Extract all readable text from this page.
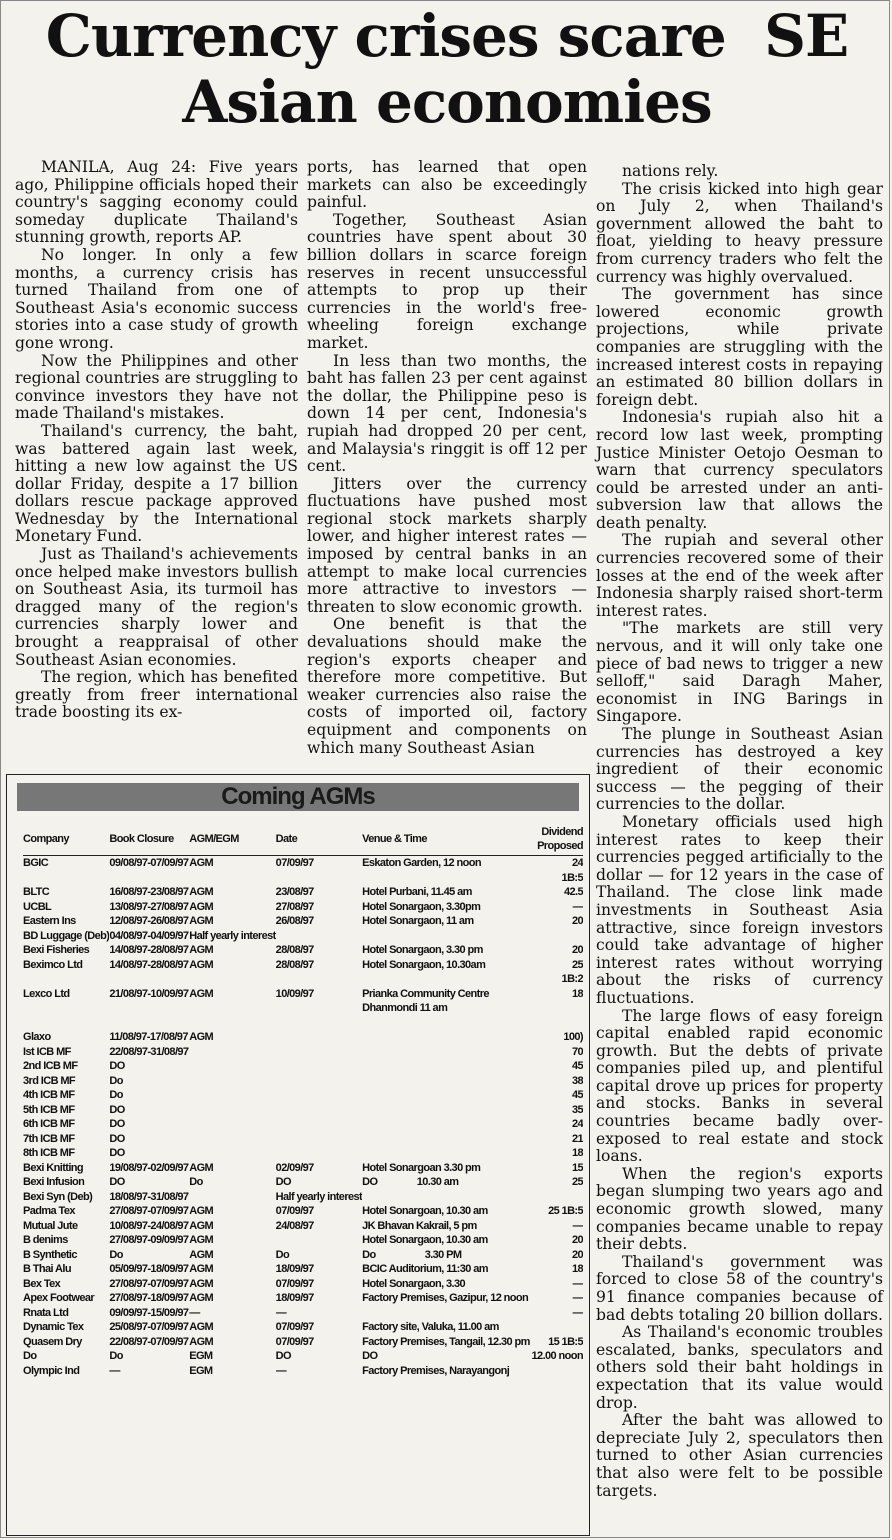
Currency crises scare  SE
Asian economies

MANILA, Aug 24: Five years ago, Philippine officials hoped their country's sagging economy could someday duplicate Thailand's stunning growth, reports AP.

No longer. In only a few months, a currency crisis has turned Thailand from one of Southeast Asia's economic success stories into a case study of growth gone wrong.

Now the Philippines and other regional countries are struggling to convince investors they have not made Thailand's mistakes.

Thailand's currency, the baht, was battered again last week, hitting a new low against the US dollar Friday, despite a 17 billion dollars rescue package approved Wednesday by the International Monetary Fund.

Just as Thailand's achievements once helped make investors bullish on Southeast Asia, its turmoil has dragged many of the region's currencies sharply lower and brought a reappraisal of other Southeast Asian economies.

The region, which has benefited greatly from freer international trade boosting its ex-

ports, has learned that open markets can also be exceedingly painful.

Together, Southeast Asian countries have spent about 30 billion dollars in scarce foreign reserves in recent unsuccessful attempts to prop up their currencies in the world's free-wheeling foreign exchange market.

In less than two months, the baht has fallen 23 per cent against the dollar, the Philippine peso is down 14 per cent, Indonesia's rupiah had dropped 20 per cent, and Malaysia's ringgit is off 12 per cent.

Jitters over the currency fluctuations have pushed most regional stock markets sharply lower, and higher interest rates — imposed by central banks in an attempt to make local currencies more attractive to investors — threaten to slow economic growth.

One benefit is that the devaluations should make the region's exports cheaper and therefore more competitive. But weaker currencies also raise the costs of imported oil, factory equipment and components on which many Southeast Asian

nations rely.

The crisis kicked into high gear on July 2, when Thailand's government allowed the baht to float, yielding to heavy pressure from currency traders who felt the currency was highly overvalued.

The government has since lowered economic growth projections, while private companies are struggling with the increased interest costs in repaying an estimated 80 billion dollars in foreign debt.

Indonesia's rupiah also hit a record low last week, prompting Justice Minister Oetojo Oesman to warn that currency speculators could be arrested under an anti-subversion law that allows the death penalty.

The rupiah and several other currencies recovered some of their losses at the end of the week after Indonesia sharply raised short-term interest rates.

"The markets are still very nervous, and it will only take one piece of bad news to trigger a new selloff," said Daragh Maher, economist in ING Barings in Singapore.

The plunge in Southeast Asian currencies has destroyed a key ingredient of their economic success — the pegging of their currencies to the dollar.

Monetary officials used high interest rates to keep their currencies pegged artificially to the dollar — for 12 years in the case of Thailand. The close link made investments in Southeast Asia attractive, since foreign investors could take advantage of higher interest rates without worrying about the risks of currency fluctuations.

The large flows of easy foreign capital enabled rapid economic growth. But the debts of private companies piled up, and plentiful capital drove up prices for property and stocks. Banks in several countries became badly over-exposed to real estate and stock loans.

When the region's exports began slumping two years ago and economic growth slowed, many companies became unable to repay their debts.

Thailand's government was forced to close 58 of the country's 91 finance companies because of bad debts totaling 20 billion dollars.

As Thailand's economic troubles escalated, banks, speculators and others sold their baht holdings in expectation that its value would drop.

After the baht was allowed to depreciate July 2, speculators then turned to other Asian currencies that also were felt to be possible targets.

Coming AGMs
Company	Book Closure	AGM/EGM	Date	Venue & Time	Dividend Proposed
BGIC	09/08/97-07/09/97	AGM	07/09/97	Eskaton Garden, 12 noon	24
					1B:5
BLTC	16/08/97-23/08/97	AGM	23/08/97	Hotel Purbani, 11.45 am	42.5
UCBL	13/08/97-27/08/97	AGM	27/08/97	Hotel Sonargaon, 3.30pm	—
Eastern Ins	12/08/97-26/08/97	AGM	26/08/97	Hotel Sonargaon, 11 am	20
BD Luggage (Deb)	04/08/97-04/09/97	Half yearly interest			
Bexi Fisheries	14/08/97-28/08/97	AGM	28/08/97	Hotel Sonargaon, 3.30 pm	20
Beximco Ltd	14/08/97-28/08/97	AGM	28/08/97	Hotel Sonargaon, 10.30am	25
					1B:2
Lexco Ltd	21/08/97-10/09/97	AGM	10/09/97	Prianka Community Centre	18
				Dhanmondi 11 am	

Glaxo	11/08/97-17/08/97	AGM			100)
Ist ICB MF	22/08/97-31/08/97				70
2nd ICB MF	DO				45
3rd ICB MF	Do				38
4th ICB MF	Do				45
5th ICB MF	DO				35
6th ICB MF	DO				24
7th ICB MF	DO				21
8th ICB MF	DO				18
Bexi Knitting	19/08/97-02/09/97	AGM	02/09/97	Hotel Sonargoan 3.30 pm	15
Bexi Infusion	DO	Do	DO	DO                10.30 am	25
Bexi Syn (Deb)	18/08/97-31/08/97		Half yearly interest		
Padma Tex	27/08/97-07/09/97	AGM	07/09/97	Hotel Sonargoan, 10.30 am	25 1B:5
Mutual Jute	10/08/97-24/08/97	AGM	24/08/97	JK Bhavan Kakrail, 5 pm	—
B denims	27/08/97-09/09/97	AGM		Hotel Sonargaon, 10.30 am	20
B Synthetic	Do	AGM	Do	Do                    3.30 PM	20
B Thai Alu	05/09/97-18/09/97	AGM	18/09/97	BCIC Auditorium, 11:30 am	18
Bex Tex	27/08/97-07/09/97	AGM	07/09/97	Hotel Sonargaon, 3.30	—
Apex Footwear	27/08/97-18/09/97	AGM	18/09/97	Factory Premises, Gazipur, 12 noon	—
Rnata Ltd	09/09/97-15/09/97	—	—		—
Dynamic Tex	25/08/97-07/09/97	AGM	07/09/97	Factory site, Valuka, 11.00 am	
Quasem Dry	22/08/97-07/09/97	AGM	07/09/97	Factory Premises, Tangail, 12.30 pm	15 1B:5
Do	Do	EGM	DO	DO	12.00 noon
Olympic Ind	—	EGM	—	Factory Premises, Narayangonj	
